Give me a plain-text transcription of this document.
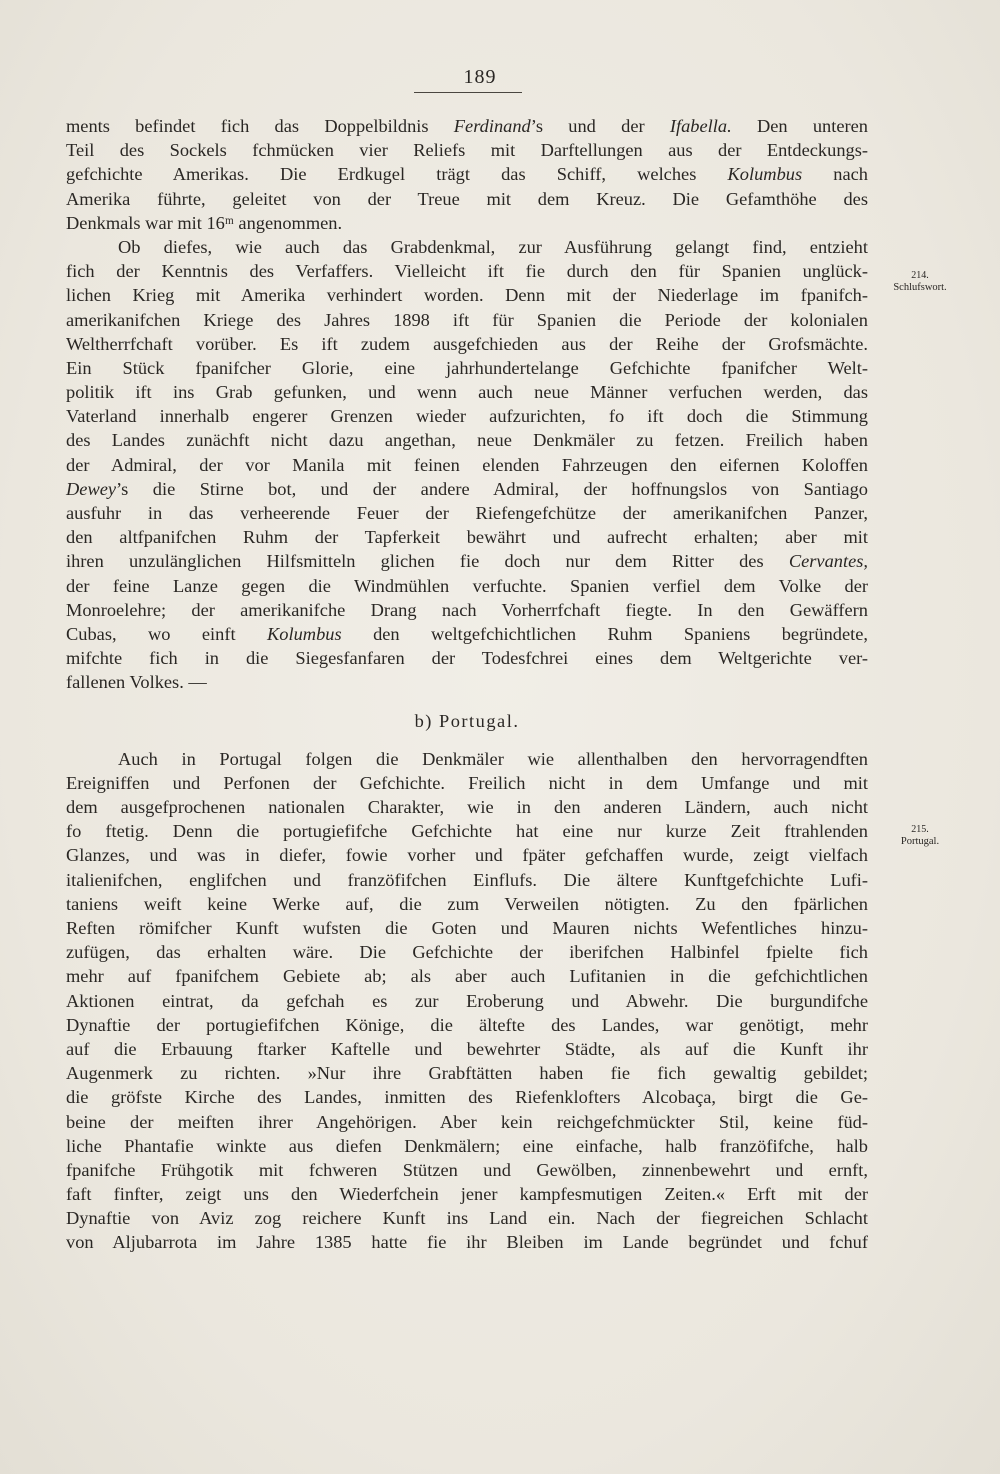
189
214.
Schlufswort.
215.
Portugal.
ments befindet fich das Doppelbildnis Ferdinand’s und der Ifabella. Den unteren
Teil des Sockels fchmücken vier Reliefs mit Darftellungen aus der Entdeckungs-
gefchichte Amerikas. Die Erdkugel trägt das Schiff, welches Kolumbus nach
Amerika führte, geleitet von der Treue mit dem Kreuz. Die Gefamthöhe des
Denkmals war mit 16ᵐ angenommen.
Ob diefes, wie auch das Grabdenkmal, zur Ausführung gelangt find, entzieht
fich der Kenntnis des Verfaffers. Vielleicht ift fie durch den für Spanien unglück-
lichen Krieg mit Amerika verhindert worden. Denn mit der Niederlage im fpanifch-
amerikanifchen Kriege des Jahres 1898 ift für Spanien die Periode der kolonialen
Weltherrfchaft vorüber. Es ift zudem ausgefchieden aus der Reihe der Grofsmächte.
Ein Stück fpanifcher Glorie, eine jahrhundertelange Gefchichte fpanifcher Welt-
politik ift ins Grab gefunken, und wenn auch neue Männer verfuchen werden, das
Vaterland innerhalb engerer Grenzen wieder aufzurichten, fo ift doch die Stimmung
des Landes zunächft nicht dazu angethan, neue Denkmäler zu fetzen. Freilich haben
der Admiral, der vor Manila mit feinen elenden Fahrzeugen den eifernen Koloffen
Dewey’s die Stirne bot, und der andere Admiral, der hoffnungslos von Santiago
ausfuhr in das verheerende Feuer der Riefengefchütze der amerikanifchen Panzer,
den altfpanifchen Ruhm der Tapferkeit bewährt und aufrecht erhalten; aber mit
ihren unzulänglichen Hilfsmitteln glichen fie doch nur dem Ritter des Cervantes,
der feine Lanze gegen die Windmühlen verfuchte. Spanien verfiel dem Volke der
Monroelehre; der amerikanifche Drang nach Vorherrfchaft fiegte. In den Gewäffern
Cubas, wo einft Kolumbus den weltgefchichtlichen Ruhm Spaniens begründete,
mifchte fich in die Siegesfanfaren der Todesfchrei eines dem Weltgerichte ver-
fallenen Volkes. —
b) Portugal.
Auch in Portugal folgen die Denkmäler wie allenthalben den hervorragendften
Ereigniffen und Perfonen der Gefchichte. Freilich nicht in dem Umfange und mit
dem ausgefprochenen nationalen Charakter, wie in den anderen Ländern, auch nicht
fo ftetig. Denn die portugiefifche Gefchichte hat eine nur kurze Zeit ftrahlenden
Glanzes, und was in diefer, fowie vorher und fpäter gefchaffen wurde, zeigt vielfach
italienifchen, englifchen und franzöfifchen Einflufs. Die ältere Kunftgefchichte Lufi-
taniens weift keine Werke auf, die zum Verweilen nötigten. Zu den fpärlichen
Reften römifcher Kunft wufsten die Goten und Mauren nichts Wefentliches hinzu-
zufügen, das erhalten wäre. Die Gefchichte der iberifchen Halbinfel fpielte fich
mehr auf fpanifchem Gebiete ab; als aber auch Lufitanien in die gefchichtlichen
Aktionen eintrat, da gefchah es zur Eroberung und Abwehr. Die burgundifche
Dynaftie der portugiefifchen Könige, die ältefte des Landes, war genötigt, mehr
auf die Erbauung ftarker Kaftelle und bewehrter Städte, als auf die Kunft ihr
Augenmerk zu richten. »Nur ihre Grabftätten haben fie fich gewaltig gebildet;
die gröfste Kirche des Landes, inmitten des Riefenklofters Alcobaça, birgt die Ge-
beine der meiften ihrer Angehörigen. Aber kein reichgefchmückter Stil, keine füd-
liche Phantafie winkte aus diefen Denkmälern; eine einfache, halb franzöfifche, halb
fpanifche Frühgotik mit fchweren Stützen und Gewölben, zinnenbewehrt und ernft,
faft finfter, zeigt uns den Wiederfchein jener kampfesmutigen Zeiten.« Erft mit der
Dynaftie von Aviz zog reichere Kunft ins Land ein. Nach der fiegreichen Schlacht
von Aljubarrota im Jahre 1385 hatte fie ihr Bleiben im Lande begründet und fchuf
